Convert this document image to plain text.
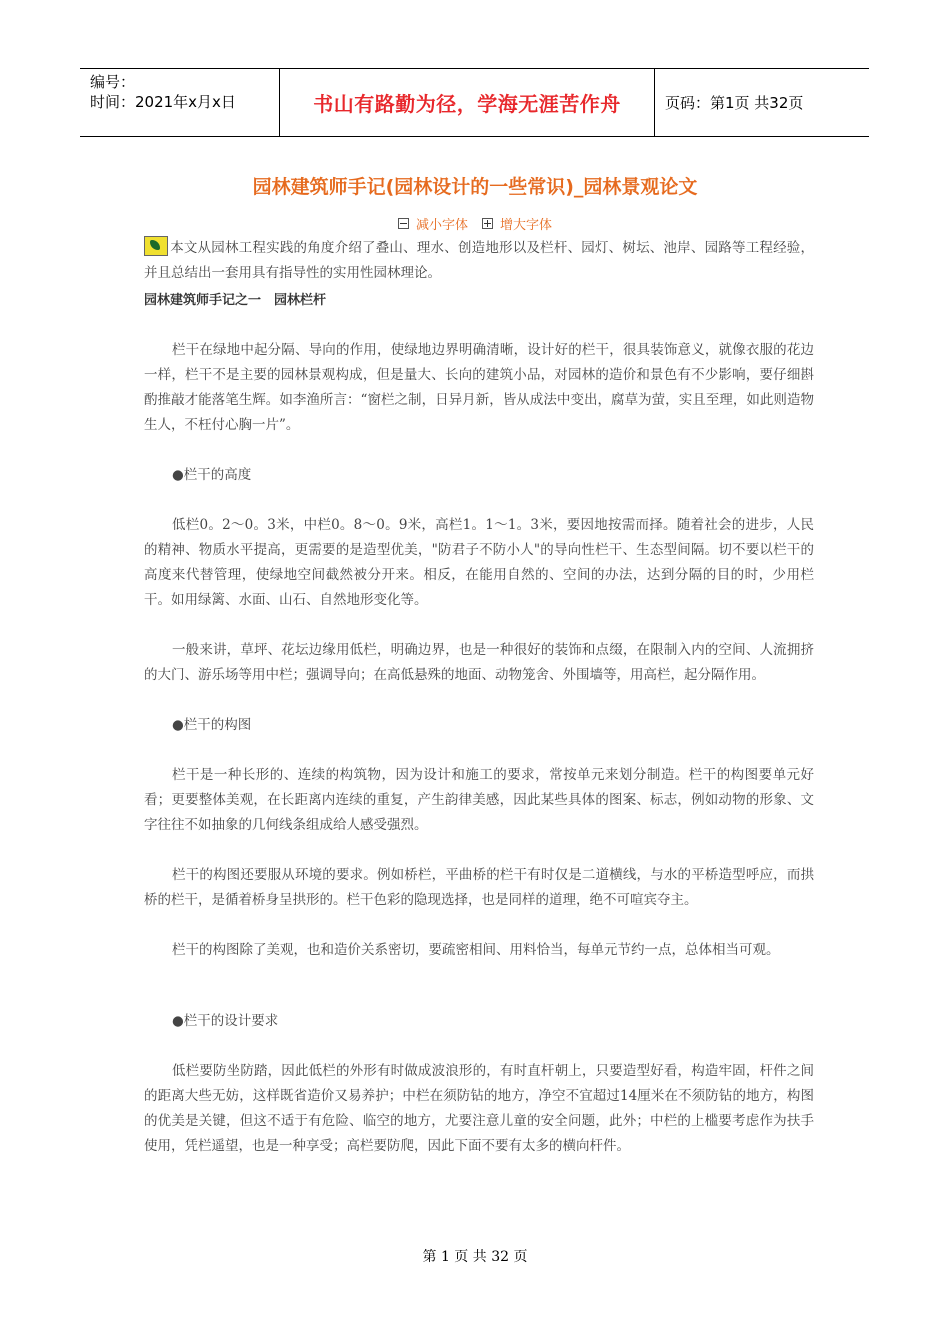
编号：
时间：2021年x月x日	书山有路勤为径，学海无涯苦作舟	页码：第1页 共32页
园林建筑师手记(园林设计的一些常识)_园林景观论文
减小字体 增大字体

本文从园林工程实践的角度介绍了叠山、理水、创造地形以及栏杆、园灯、树坛、池岸、园路等工程经验，并且总结出一套用具有指导性的实用性园林理论。

园林建筑师手记之一　园林栏杆

栏干在绿地中起分隔、导向的作用，使绿地边界明确清晰，设计好的栏干，很具装饰意义，就像衣服的花边一样，栏干不是主要的园林景观构成，但是量大、长向的建筑小品，对园林的造价和景色有不少影响，要仔细斟酌推敲才能落笔生辉。如李渔所言：“窗栏之制，日异月新，皆从成法中变出，腐草为萤，实且至理，如此则造物生人，不枉付心胸一片”。

●栏干的高度

低栏0。2～0。3米，中栏0。8～0。9米，高栏1。1～1。3米，要因地按需而择。随着社会的进步，人民的精神、物质水平提高，更需要的是造型优美，"防君子不防小人"的导向性栏干、生态型间隔。切不要以栏干的高度来代替管理，使绿地空间截然被分开来。相反，在能用自然的、空间的办法，达到分隔的目的时，少用栏干。如用绿篱、水面、山石、自然地形变化等。

一般来讲，草坪、花坛边缘用低栏，明确边界，也是一种很好的装饰和点缀，在限制入内的空间、人流拥挤的大门、游乐场等用中栏；强调导向；在高低悬殊的地面、动物笼舍、外围墙等，用高栏，起分隔作用。

●栏干的构图

栏干是一种长形的、连续的构筑物，因为设计和施工的要求，常按单元来划分制造。栏干的构图要单元好看；更要整体美观，在长距离内连续的重复，产生韵律美感，因此某些具体的图案、标志，例如动物的形象、文字往往不如抽象的几何线条组成给人感受强烈。

栏干的构图还要服从环境的要求。例如桥栏，平曲桥的栏干有时仅是二道横线，与水的平桥造型呼应，而拱桥的栏干，是循着桥身呈拱形的。栏干色彩的隐现选择，也是同样的道理，绝不可喧宾夺主。

栏干的构图除了美观，也和造价关系密切，要疏密相间、用料恰当，每单元节约一点，总体相当可观。

●栏干的设计要求

低栏要防坐防踏，因此低栏的外形有时做成波浪形的，有时直杆朝上，只要造型好看，构造牢固，杆件之间的距离大些无妨，这样既省造价又易养护；中栏在须防钻的地方，净空不宜超过14厘米在不须防钻的地方，构图的优美是关键，但这不适于有危险、临空的地方，尤要注意儿童的安全问题，此外；中栏的上槛要考虑作为扶手使用，凭栏遥望，也是一种享受；高栏要防爬，因此下面不要有太多的横向杆件。

第 1 页 共 32 页
